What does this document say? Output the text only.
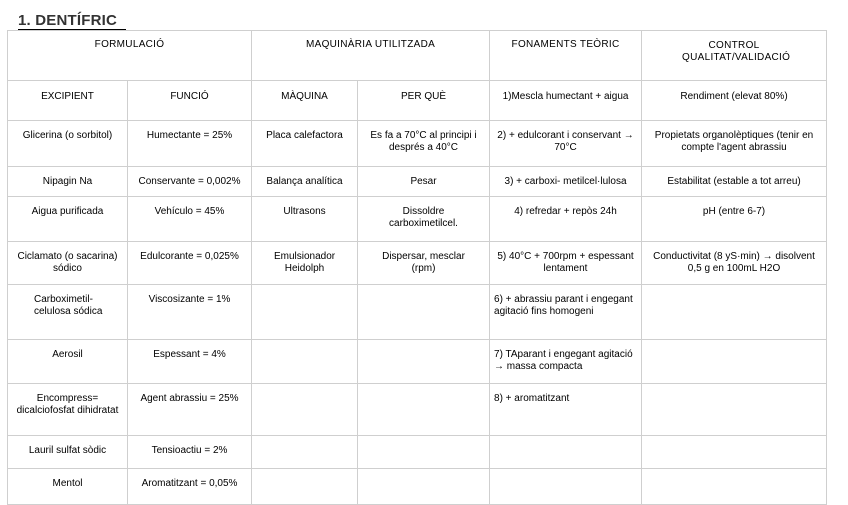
1. DENTÍFRIC
FORMULACIÓ		MAQUINÀRIA UTILITZADA		FONAMENTS TEÒRIC	CONTROL QUALITAT/VALIDACIÓ
EXCIPIENT	FUNCIÓ	MÀQUINA	PER QUÈ	1)Mescla humectant + aigua	Rendiment (elevat 80%)
Glicerina (o sorbitol)	Humectante = 25%	Placa calefactora	Es fa a 70°C al principi i després a 40°C	2) + edulcorant i conservant → 70°C	Propietats organolèptiques (tenir en compte l'agent abrassiu
Nipagin Na	Conservante = 0,002%	Balança analítica	Pesar	3) + carboxi- metilcel·lulosa	Estabilitat (estable a tot arreu)
Aigua purificada	Vehículo = 45%	Ultrasons	Dissoldre carboximetilcel.	4) refredar + repòs 24h	pH (entre 6-7)
Ciclamato (o sacarina) sódico	Edulcorante = 0,025%	Emulsionador Heidolph	Dispersar, mesclar (rpm)	5) 40°C + 700rpm + espessant lentament	Conductivitat (8 yS·min) → disolvent 0,5 g en 100mL H2O
Carboximetil-celulosa sódica	Viscosizante = 1%			6) + abrassiu parant i engegant agitació fins homogeni	
Aerosil	Espessant = 4%			7) TAparant i engegant agitació → massa compacta	
Encompress= dicalciofosfat dihidratat	Agent abrassiu = 25%			8) + aromatitzant	
Lauril sulfat sòdic	Tensioactiu = 2%				
Mentol	Aromatitzant = 0,05%				
